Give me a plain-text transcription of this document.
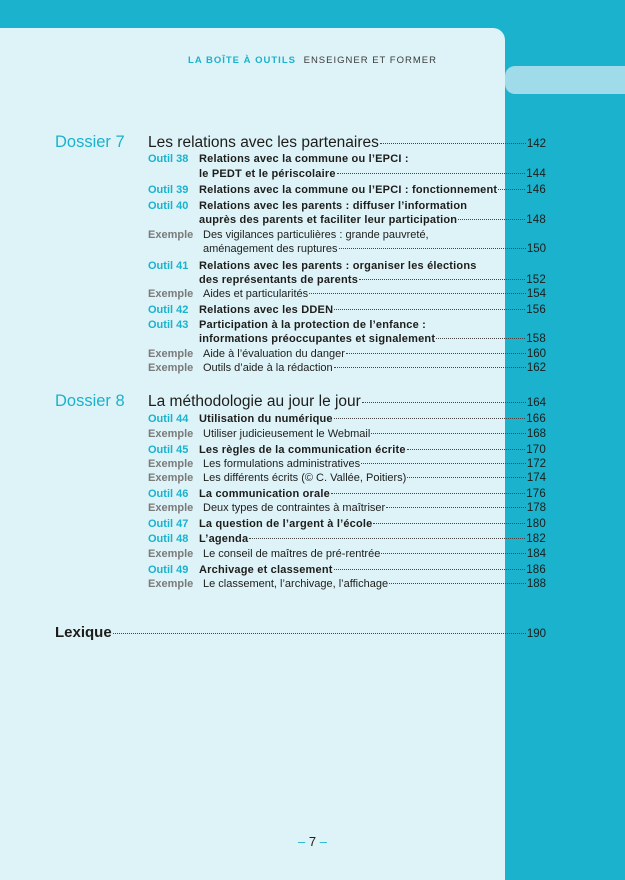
LA BOÎTE À OUTILS ENSEIGNER ET FORMER
Dossier 7 Les relations avec les partenaires	142
Outil 38 Relations avec la commune ou l’EPCI :
le PEDT et le périscolaire	144
Outil 39 Relations avec la commune ou l’EPCI : fonctionnement	146
Outil 40 Relations avec les parents : diffuser l’information
auprès des parents et faciliter leur participation	148
Exemple Des vigilances particulières : grande pauvreté,
aménagement des ruptures	150
Outil 41 Relations avec les parents : organiser les élections
des représentants de parents	152
Exemple Aides et particularités	154
Outil 42 Relations avec les DDEN	156
Outil 43 Participation à la protection de l’enfance :
informations préoccupantes et signalement	158
Exemple Aide à l’évaluation du danger	160
Exemple Outils d’aide à la rédaction	162
Dossier 8 La méthodologie au jour le jour	164
Outil 44 Utilisation du numérique	166
Exemple Utiliser judicieusement le Webmail	168
Outil 45 Les règles de la communication écrite	170
Exemple Les formulations administratives	172
Exemple Les différents écrits (© C. Vallée, Poitiers)	174
Outil 46 La communication orale	176
Exemple Deux types de contraintes à maîtriser	178
Outil 47 La question de l’argent à l’école	180
Outil 48 L’agenda	182
Exemple Le conseil de maîtres de pré-rentrée	184
Outil 49 Archivage et classement	186
Exemple Le classement, l’archivage, l’affichage	188
Lexique	190
– 7 –
